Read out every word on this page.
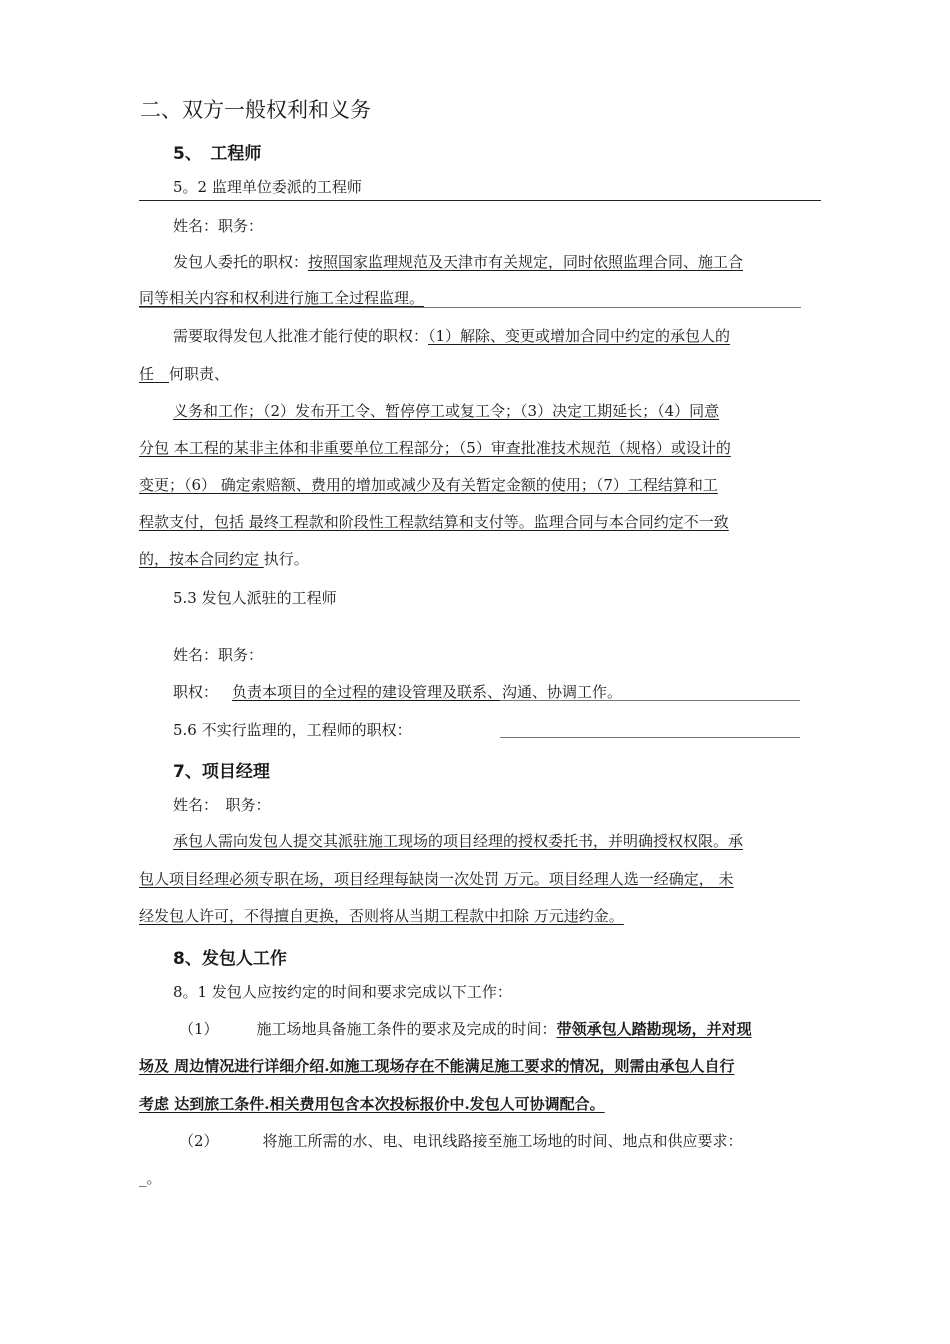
二、双方一般权利和义务
5、　工程师
5。2 监理单位委派的工程师
姓名：职务：
发包人委托的职权：按照国家监理规范及天津市有关规定，同时依照监理合同、施工合
同等相关内容和权利进行施工全过程监理。
需要取得发包人批准才能行使的职权：（1）解除、变更或增加合同中约定的承包人的
任　 何职责、
义务和工作；（2）发布开工令、暂停停工或复工令；（3）决定工期延长；（4）同意
分包 本工程的某非主体和非重要单位工程部分；（5）审查批准技术规范（规格）或设计的
变更；（6） 确定索赔额、费用的增加或减少及有关暂定金额的使用；（7）工程结算和工
程款支付，包括 最终工程款和阶段性工程款结算和支付等。监理合同与本合同约定不一致
的，按本合同约定 执行。
5.3 发包人派驻的工程师
姓名：职务：
职权： 负责本项目的全过程的建设管理及联系、沟通、协调工作。
5.6 不实行监理的，工程师的职权：
7、项目经理
姓名：　职务：
承包人需向发包人提交其派驻施工现场的项目经理的授权委托书，并明确授权权限。承
包人项目经理必须专职在场，项目经理每缺岗一次处罚 万元。项目经理人选一经确定， 未
经发包人许可，不得擅自更换，否则将从当期工程款中扣除 万元违约金。
8、发包人工作
8。1 发包人应按约定的时间和要求完成以下工作：
（1）	施工场地具备施工条件的要求及完成的时间：带领承包人踏勘现场，并对现
场及 周边情况进行详细介绍.如施工现场存在不能满足施工要求的情况，则需由承包人自行
考虑 达到旅工条件.相关费用包含本次投标报价中.发包人可协调配合。
（2）	将施工所需的水、电、电讯线路接至施工场地的时间、地点和供应要求：
_。
